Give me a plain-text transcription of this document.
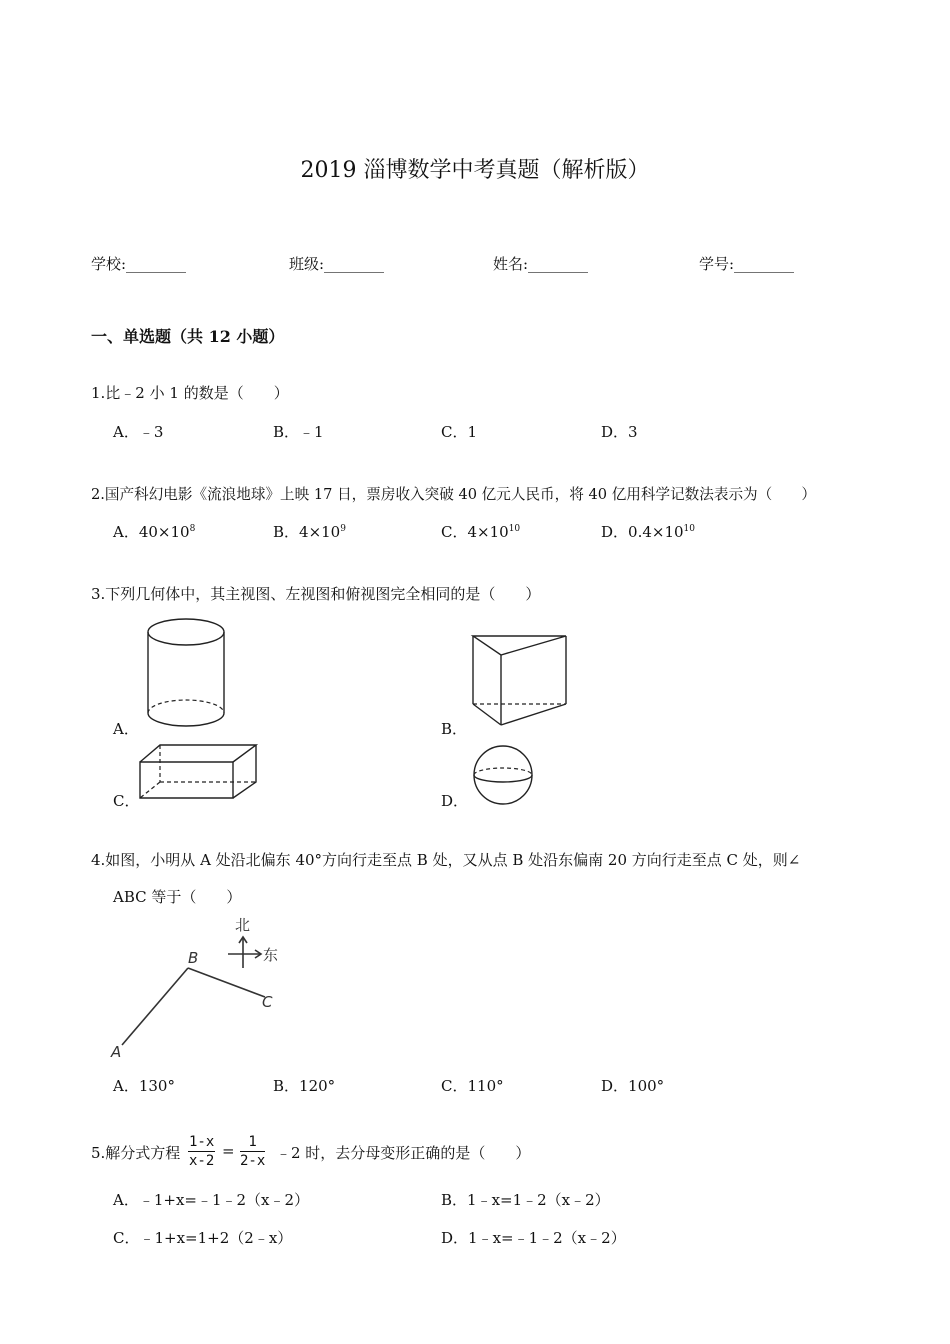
2019 淄博数学中考真题（解析版）
学校:________	班级:________	姓名:________	学号:________
一、单选题（共 12 小题）
1.比﹣2 小 1 的数是（　　）
A．﹣3	B．﹣1	C．1	D．3
2.国产科幻电影《流浪地球》上映 17 日，票房收入突破 40 亿元人民币，将 40 亿用科学记数法表示为（　　）
A．$40\times 10^8$	B．$4\times 10^9$	C．$4\times 10^{10}$	D．$0.4\times 10^{10}$
3.下列几何体中，其主视图、左视图和俯视图完全相同的是（　　）
A．	B．
C．	D．
4.如图，小明从 A 处沿北偏东 40°方向行走至点 B 处，又从点 B 处沿东偏南 20 方向行走至点 C 处，则∠
ABC 等于（　　）
北
东
A
B
C
A．130°	B．120°	C．110°	D．100°
5.解分式方程 $\frac{1-x}{x-2} = \frac{1}{2-x}$ ﹣2 时，去分母变形正确的是（　　）
A．﹣1+x=﹣1﹣2（x﹣2）	B．1﹣x=1﹣2（x﹣2）
C．﹣1+x=1+2（2﹣x）	D．1﹣x=﹣1﹣2（x﹣2）
